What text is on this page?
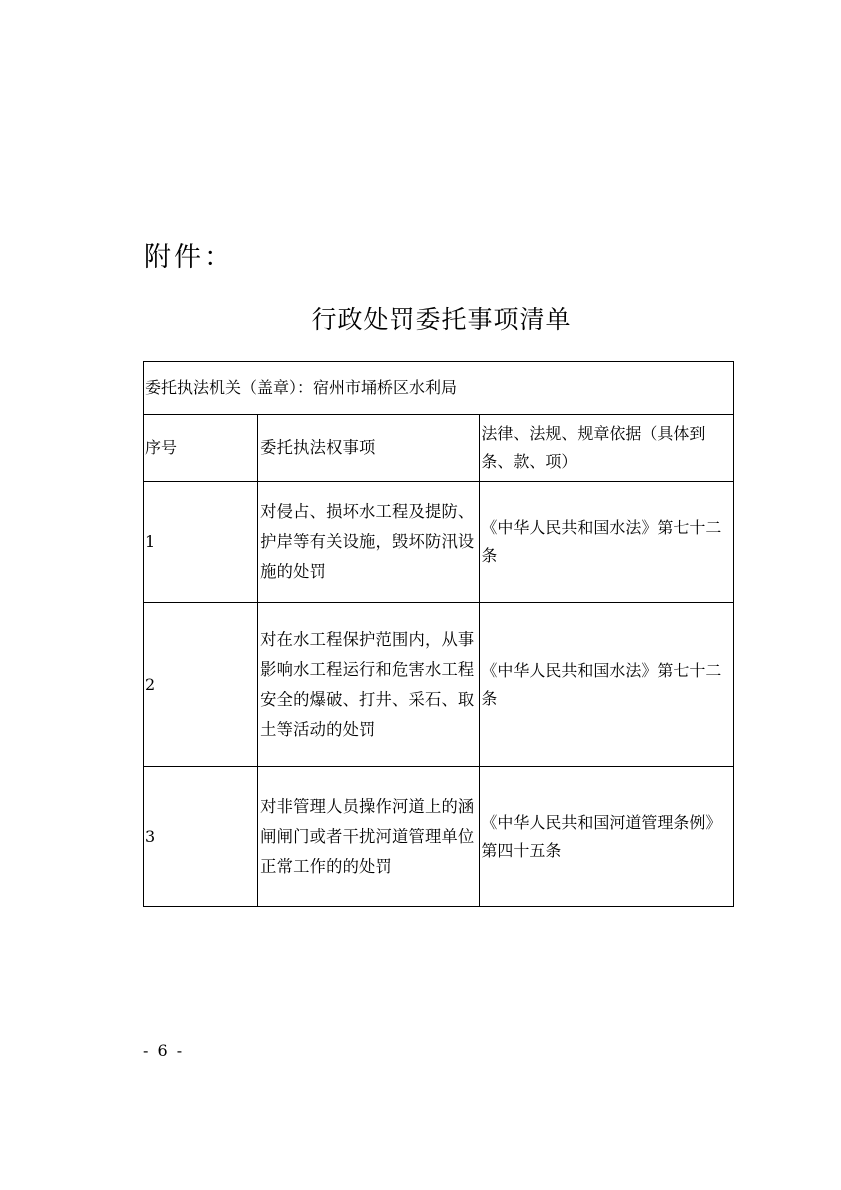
附件：
行政处罚委托事项清单
委托执法机关（盖章）：宿州市埇桥区水利局		
序号	委托执法权事项	法律、法规、规章依据（具体到条、款、项）
1	对侵占、损坏水工程及提防、护岸等有关设施，毁坏防汛设施的处罚	《中华人民共和国水法》第七十二条
2	对在水工程保护范围内，从事影响水工程运行和危害水工程安全的爆破、打井、采石、取土等活动的处罚	《中华人民共和国水法》第七十二条
3	对非管理人员操作河道上的涵闸闸门或者干扰河道管理单位正常工作的的处罚	《中华人民共和国河道管理条例》第四十五条
- 6 -
